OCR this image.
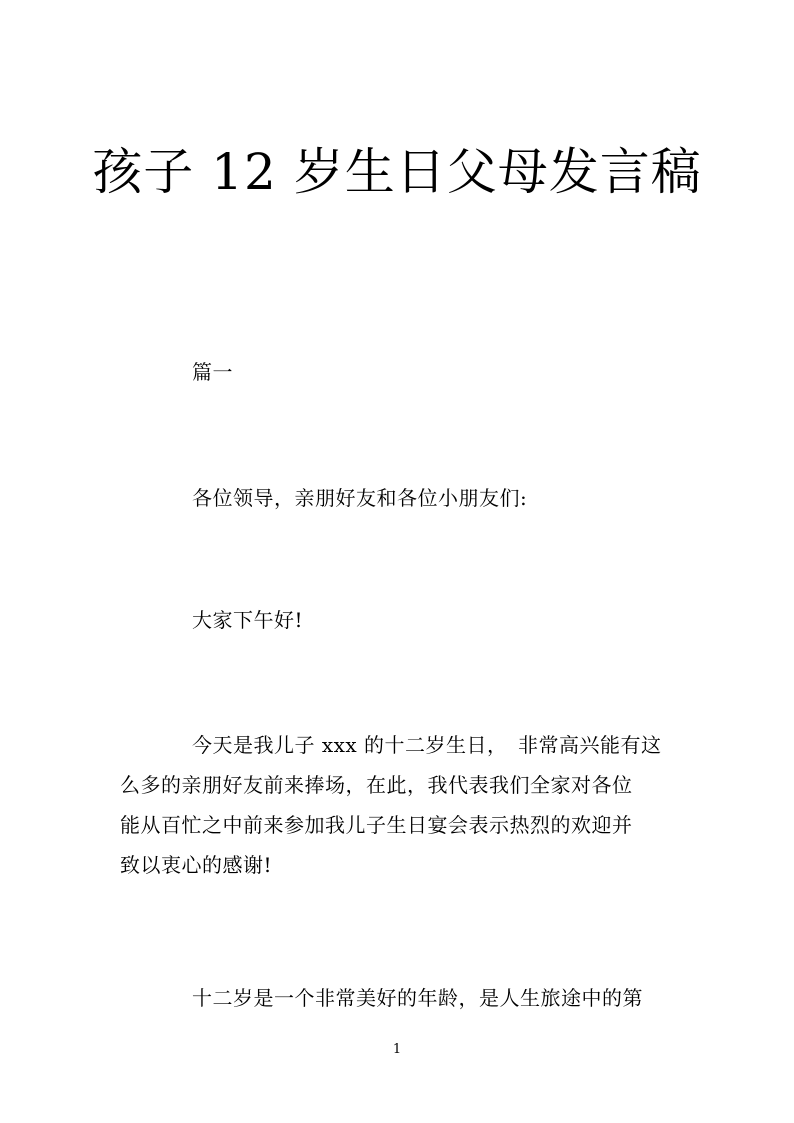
孩子 12 岁生日父母发言稿
篇一
各位领导，亲朋好友和各位小朋友们:
大家下午好!
今天是我儿子 xxx 的十二岁生日，　非常高兴能有这
么多的亲朋好友前来捧场，在此，我代表我们全家对各位
能从百忙之中前来参加我儿子生日宴会表示热烈的欢迎并
致以衷心的感谢!
十二岁是一个非常美好的年龄，是人生旅途中的第
1
